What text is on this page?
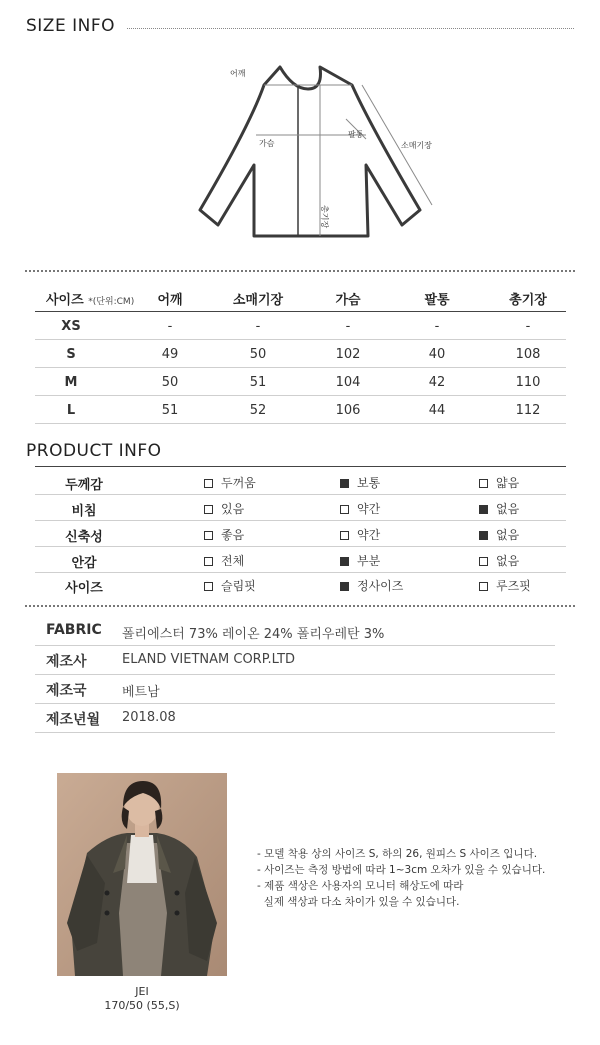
SIZE INFO
어깨
가슴
팔통
소매기장
총기장
사이즈 *(단위:CM)	어깨	소매기장	가슴	팔통	총기장
XS	-	-	-	-	-
S	49	50	102	40	108
M	50	51	104	42	110
L	51	52	106	44	112
PRODUCT INFO
두께감	두꺼움	보통	얇음
비침	있음	약간	없음
신축성	좋음	약간	없음
안감	전체	부분	없음
사이즈	슬림핏	정사이즈	루즈핏
FABRIC 폴리에스터 73% 레이온 24% 폴리우레탄 3%
제조사	ELAND VIETNAM CORP.LTD
제조국	베트남
제조년월 2018.08
JEI
170/50 (55,S)
- 모델 착용 상의 사이즈 S, 하의 26, 원피스 S 사이즈 입니다.
- 사이즈는 측정 방법에 따라 1~3cm 오차가 있을 수 있습니다.
- 제품 색상은 사용자의 모니터 해상도에 따라
실제 색상과 다소 차이가 있을 수 있습니다.
